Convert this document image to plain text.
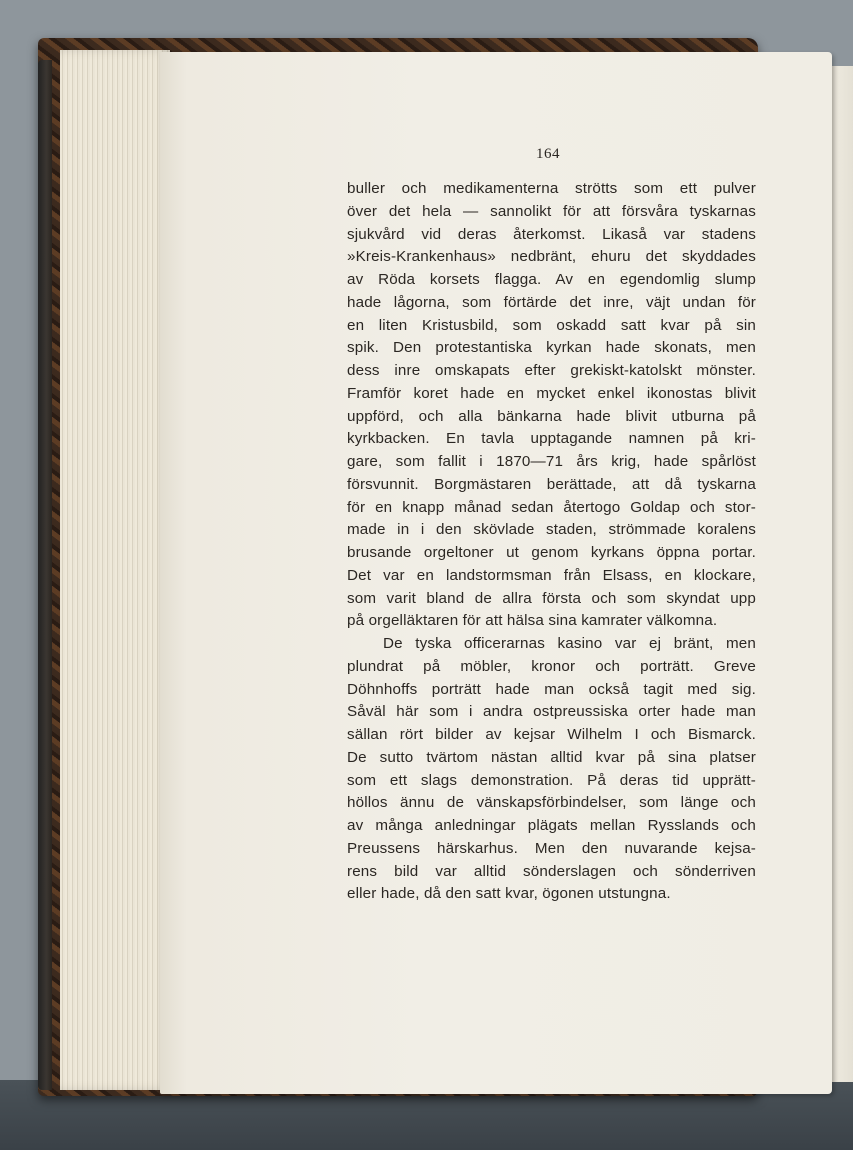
164
buller och medikamenterna strötts som ett pulver
över det hela — sannolikt för att försvåra tyskarnas
sjukvård vid deras återkomst. Likaså var stadens
»Kreis-Krankenhaus» nedbränt, ehuru det skyddades
av Röda korsets flagga. Av en egendomlig slump
hade lågorna, som förtärde det inre, väjt undan för
en liten Kristusbild, som oskadd satt kvar på sin
spik. Den protestantiska kyrkan hade skonats, men
dess inre omskapats efter grekiskt-katolskt mönster.
Framför koret hade en mycket enkel ikonostas blivit
uppförd, och alla bänkarna hade blivit utburna på
kyrkbacken. En tavla upptagande namnen på kri-
gare, som fallit i 1870—71 års krig, hade spårlöst
försvunnit. Borgmästaren berättade, att då tyskarna
för en knapp månad sedan återtogo Goldap och stor-
made in i den skövlade staden, strömmade koralens
brusande orgeltoner ut genom kyrkans öppna portar.
Det var en landstormsman från Elsass, en klockare,
som varit bland de allra första och som skyndat upp
på orgelläktaren för att hälsa sina kamrater välkomna.
De tyska officerarnas kasino var ej bränt, men
plundrat på möbler, kronor och porträtt. Greve
Döhnhoffs porträtt hade man också tagit med sig.
Såväl här som i andra ostpreussiska orter hade man
sällan rört bilder av kejsar Wilhelm I och Bismarck.
De sutto tvärtom nästan alltid kvar på sina platser
som ett slags demonstration. På deras tid upprätt-
höllos ännu de vänskapsförbindelser, som länge och
av många anledningar plägats mellan Rysslands och
Preussens härskarhus. Men den nuvarande kejsa-
rens bild var alltid sönderslagen och sönderriven
eller hade, då den satt kvar, ögonen utstungna.
